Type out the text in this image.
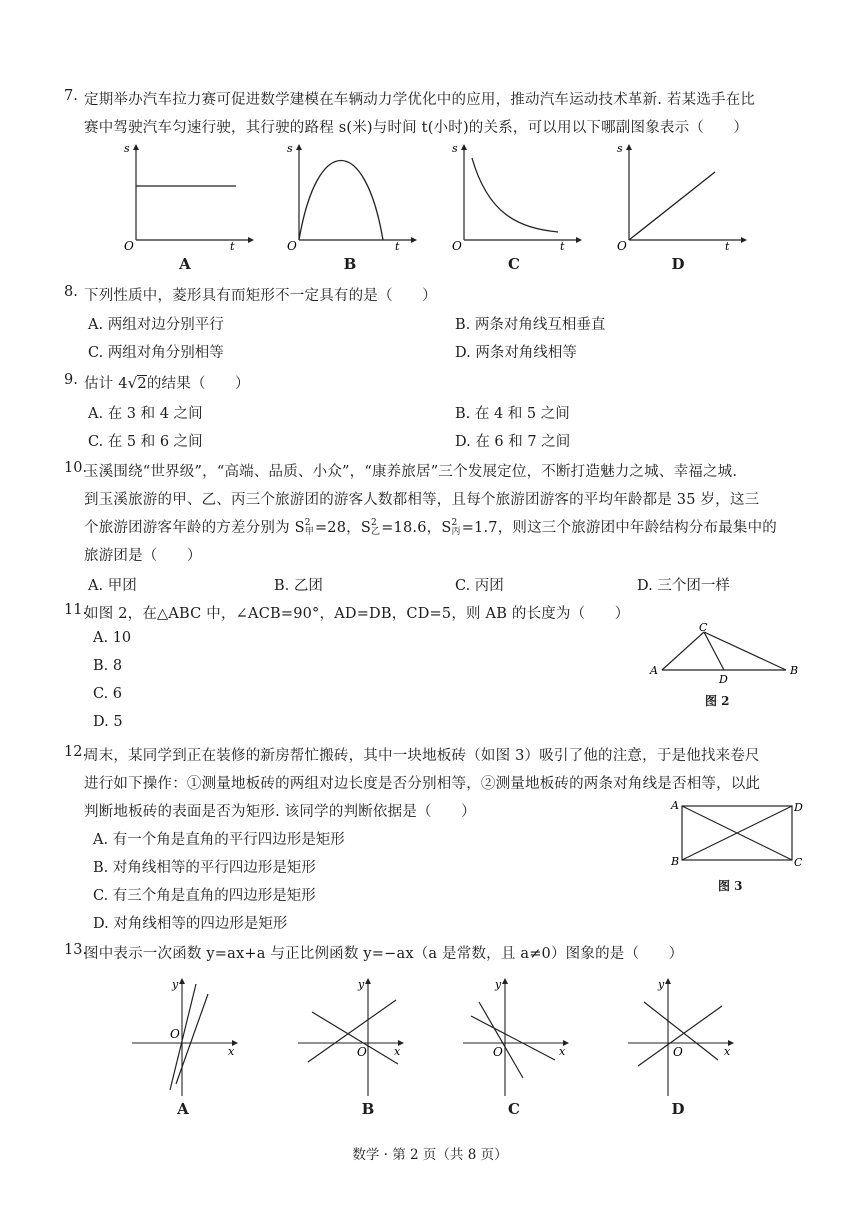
7. 定期举办汽车拉力赛可促进数学建模在车辆动力学优化中的应用，推动汽车运动技术革新. 若某选手在比
赛中驾驶汽车匀速行驶，其行驶的路程 s(米)与时间 t(小时)的关系，可以用以下哪副图象表示（　　）
s
t
O
A
s
t
O
B
s
t
O
C
s
t
O
D
8. 下列性质中，菱形具有而矩形不一定具有的是（　　）
A. 两组对边分别平行	B. 两条对角线互相垂直
C. 两组对角分别相等	D. 两条对角线相等
9. 估计 4√2的结果（　　）
A. 在 3 和 4 之间	B. 在 4 和 5 之间
C. 在 5 和 6 之间	D. 在 6 和 7 之间
10.
玉溪围绕“世界级”，“高端、品质、小众”，“康养旅居”三个发展定位，不断打造魅力之城、幸福之城.
到玉溪旅游的甲、乙、丙三个旅游团的游客人数都相等，且每个旅游团游客的平均年龄都是 35 岁，这三
个旅游团游客年龄的方差分别为 S2
甲=28，S2
乙=18.6，S2
丙=1.7，则这三个旅游团中年龄结构分布最集中的
旅游团是（　　）
A. 甲团	B. 乙团	C. 丙团	D. 三个团一样
11.
如图 2，在△ABC 中，∠ACB=90°，AD=DB，CD=5，则 AB 的长度为（　　）
A. 10
B. 8
C. 6
D. 5
C
A
D
B
图 2
12.
周末，某同学到正在装修的新房帮忙搬砖，其中一块地板砖（如图 3）吸引了他的注意，于是他找来卷尺
进行如下操作：①测量地板砖的两组对边长度是否分别相等，②测量地板砖的两条对角线是否相等，以此
判断地板砖的表面是否为矩形. 该同学的判断依据是（　　）
A. 有一个角是直角的平行四边形是矩形
B. 对角线相等的平行四边形是矩形
C. 有三个角是直角的四边形是矩形
D. 对角线相等的四边形是矩形
A	D
B	C
图 3
13.
图中表示一次函数 y=ax+a 与正比例函数 y=−ax（a 是常数，且 a≠0）图象的是（　　）
y
x
O
A
y
x
O
B
y
x
O
C
y
x
O
D
数学 · 第 2 页（共 8 页）
